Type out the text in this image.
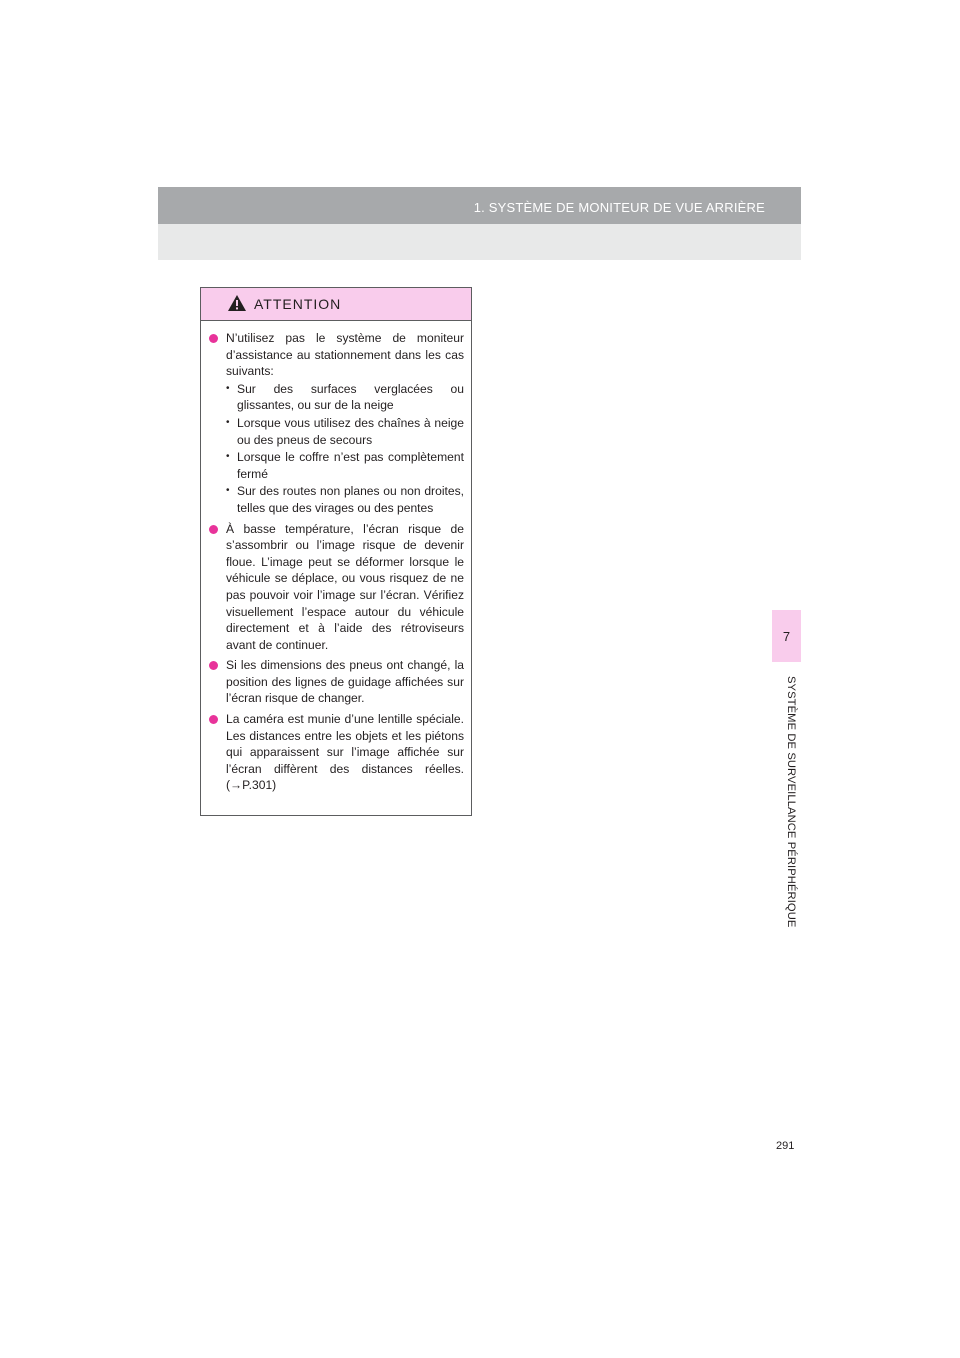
1. SYSTÈME DE MONITEUR DE VUE ARRIÈRE
7
SYSTÈME DE SURVEILLANCE PÉRIPHÉRIQUE
ATTENTION
N’utilisez pas le système de moniteur d’assistance au stationnement dans les cas suivants:
• Sur des surfaces verglacées ou glissantes, ou sur de la neige
• Lorsque vous utilisez des chaînes à neige ou des pneus de secours
• Lorsque le coffre n’est pas complètement fermé
• Sur des routes non planes ou non droites, telles que des virages ou des pentes
À basse température, l’écran risque de s’assombrir ou l’image risque de devenir floue. L’image peut se déformer lorsque le véhicule se déplace, ou vous risquez de ne pas pouvoir voir l’image sur l’écran. Vérifiez visuellement l’espace autour du véhicule directement et à l’aide des rétroviseurs avant de continuer.
Si les dimensions des pneus ont changé, la position des lignes de guidage affichées sur l’écran risque de changer.
La caméra est munie d’une lentille spéciale. Les distances entre les objets et les piétons qui apparaissent sur l’image affichée sur l’écran diffèrent des distances réelles. (→P.301)
291
